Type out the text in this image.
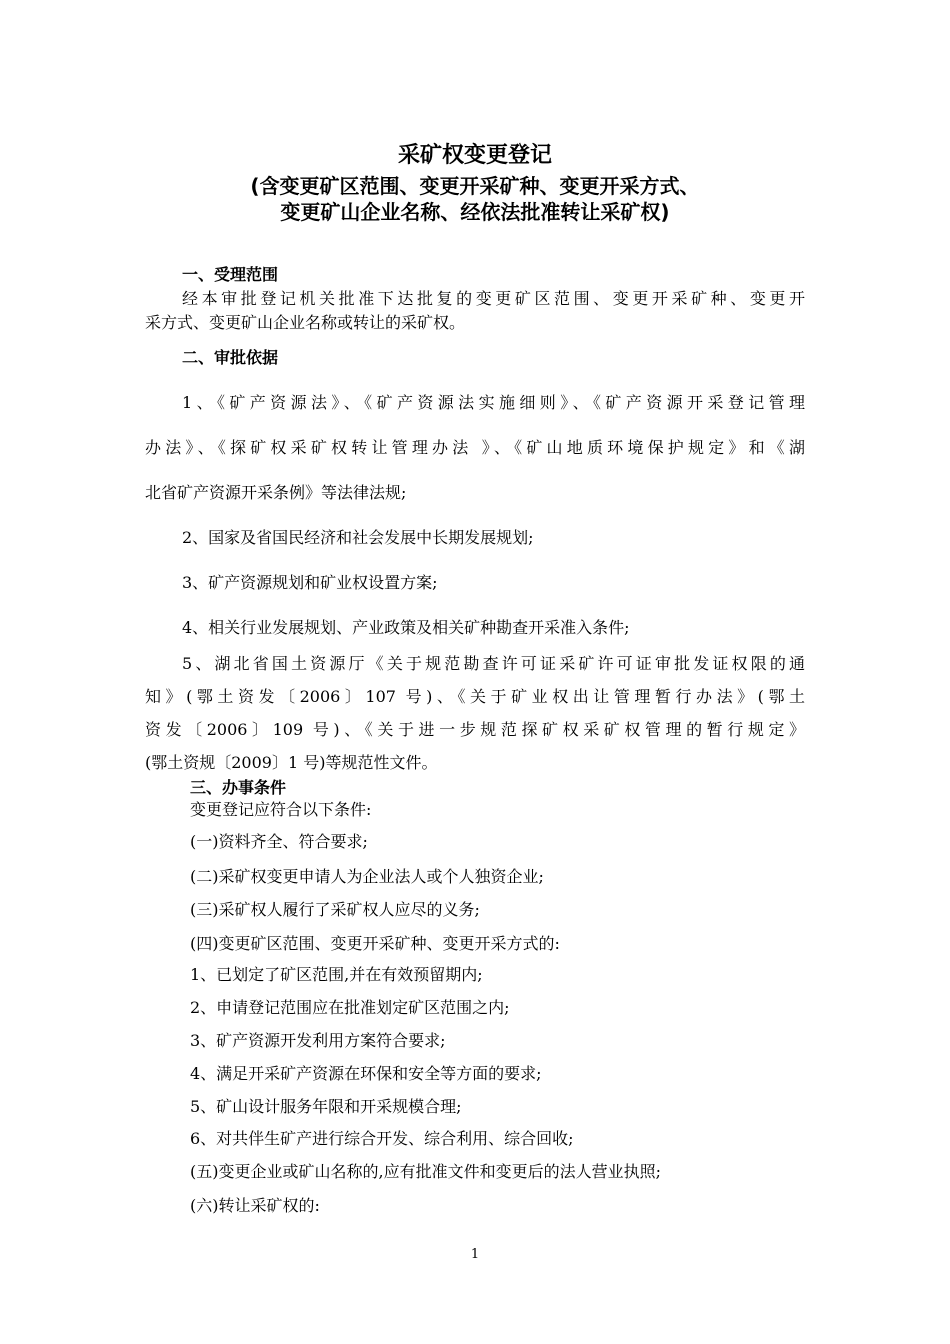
采矿权变更登记
(含变更矿区范围、变更开采矿种、变更开采方式、
变更矿山企业名称、经依法批准转让采矿权)
一、受理范围
经本审批登记机关批准下达批复的变更矿区范围、变更开采矿种、变更开
采方式、变更矿山企业名称或转让的采矿权。
二、审批依据
1、《矿产资源法》、《矿产资源法实施细则》、《矿产资源开采登记管理
办法》、《探矿权采矿权转让管理办法 》、《矿山地质环境保护规定》和《湖
北省矿产资源开采条例》等法律法规;
2、国家及省国民经济和社会发展中长期发展规划;
3、矿产资源规划和矿业权设置方案;
4、相关行业发展规划、产业政策及相关矿种勘查开采准入条件;
5、湖北省国土资源厅《关于规范勘查许可证采矿许可证审批发证权限的通
知》(鄂土资发〔2006〕107 号)、《关于矿业权出让管理暂行办法》(鄂土
资发〔2006〕109 号)、《关于进一步规范探矿权采矿权管理的暂行规定》
(鄂土资规〔2009〕1 号)等规范性文件。
三、办事条件
变更登记应符合以下条件:
(一)资料齐全、符合要求;
(二)采矿权变更申请人为企业法人或个人独资企业;
(三)采矿权人履行了采矿权人应尽的义务;
(四)变更矿区范围、变更开采矿种、变更开采方式的:
1、已划定了矿区范围,并在有效预留期内;
2、申请登记范围应在批准划定矿区范围之内;
3、矿产资源开发利用方案符合要求;
4、满足开采矿产资源在环保和安全等方面的要求;
5、矿山设计服务年限和开采规模合理;
6、对共伴生矿产进行综合开发、综合利用、综合回收;
(五)变更企业或矿山名称的,应有批准文件和变更后的法人营业执照;
(六)转让采矿权的:
1
